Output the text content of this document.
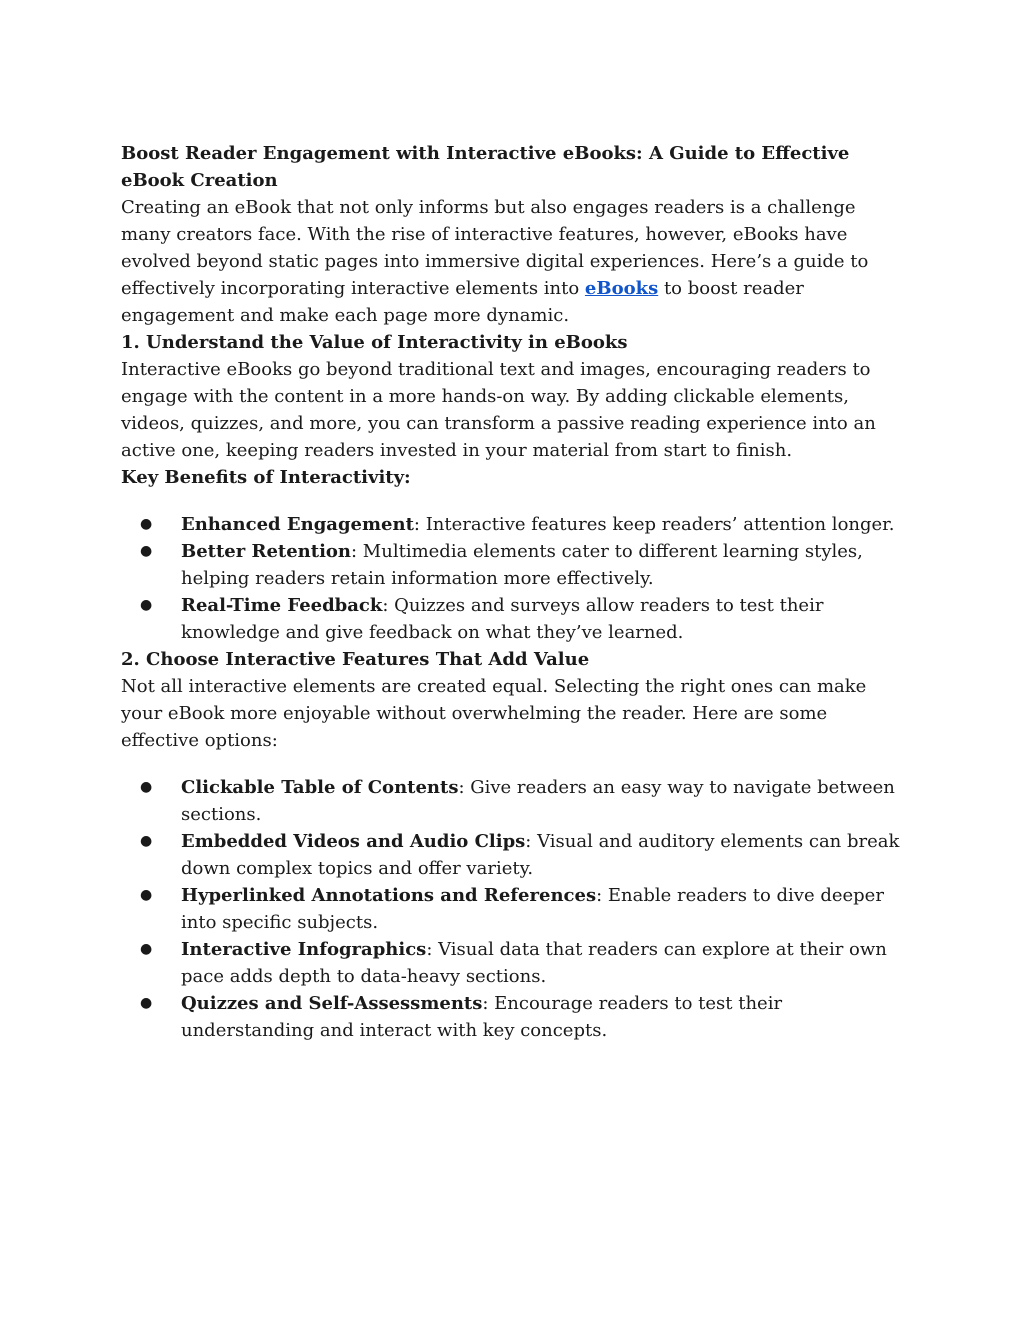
Boost Reader Engagement with Interactive eBooks: A Guide to Effective eBook Creation

Creating an eBook that not only informs but also engages readers is a challenge many creators face. With the rise of interactive features, however, eBooks have evolved beyond static pages into immersive digital experiences. Here’s a guide to effectively incorporating interactive elements into eBooks to boost reader engagement and make each page more dynamic.

1. Understand the Value of Interactivity in eBooks

Interactive eBooks go beyond traditional text and images, encouraging readers to engage with the content in a more hands-on way. By adding clickable elements, videos, quizzes, and more, you can transform a passive reading experience into an active one, keeping readers invested in your material from start to finish.

Key Benefits of Interactivity:
● Enhanced Engagement: Interactive features keep readers’ attention longer.
● Better Retention: Multimedia elements cater to different learning styles, helping readers retain information more effectively.
● Real-Time Feedback: Quizzes and surveys allow readers to test their knowledge and give feedback on what they’ve learned.
2. Choose Interactive Features That Add Value

Not all interactive elements are created equal. Selecting the right ones can make your eBook more enjoyable without overwhelming the reader. Here are some effective options:

● Clickable Table of Contents: Give readers an easy way to navigate between sections.
● Embedded Videos and Audio Clips: Visual and auditory elements can break down complex topics and offer variety.
● Hyperlinked Annotations and References: Enable readers to dive deeper into specific subjects.
● Interactive Infographics: Visual data that readers can explore at their own pace adds depth to data-heavy sections.
● Quizzes and Self-Assessments: Encourage readers to test their understanding and interact with key concepts.
